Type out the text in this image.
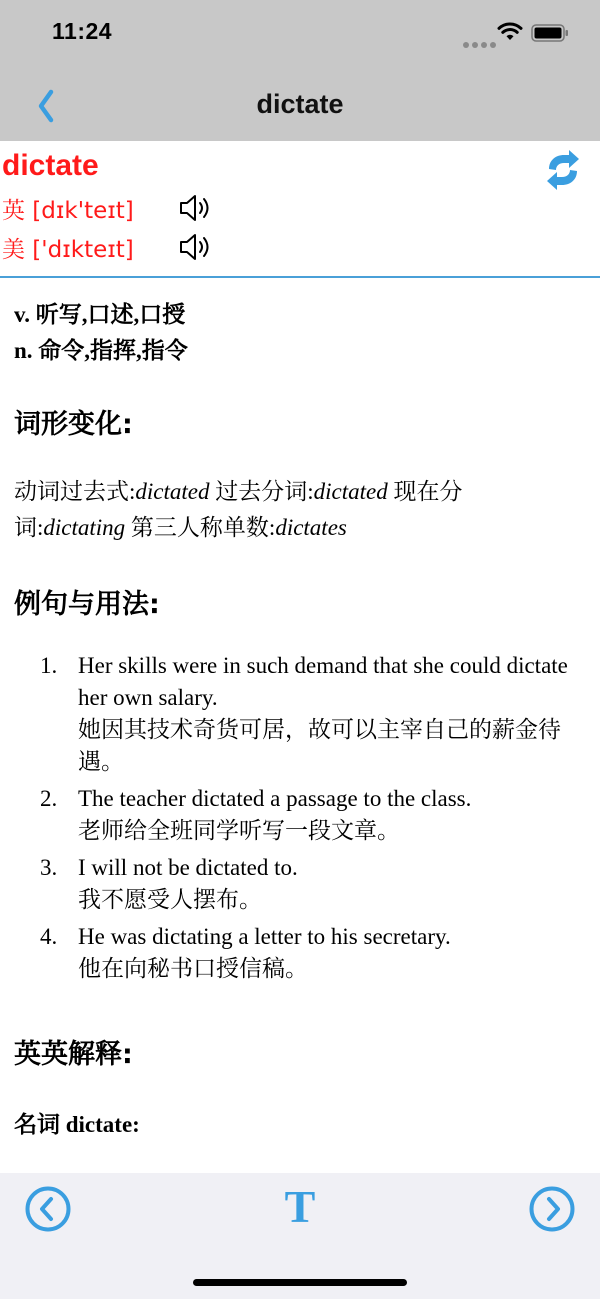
11:24
dictate
dictate
英 [dɪk'teɪt]
美 ['dɪkteɪt]
v. 听写,口述,口授
n. 命令,指挥,指令
词形变化:
动词过去式:dictated 过去分词:dictated 现在分词:dictating 第三人称单数:dictates
例句与用法:
1. Her skills were in such demand that she could dictate her own salary.
她因其技术奇货可居，故可以主宰自己的薪金待遇。
2. The teacher dictated a passage to the class.
老师给全班同学听写一段文章。
3. I will not be dictated to.
我不愿受人摆布。
4. He was dictating a letter to his secretary.
他在向秘书口授信稿。
英英解释:
名词 dictate:
T
